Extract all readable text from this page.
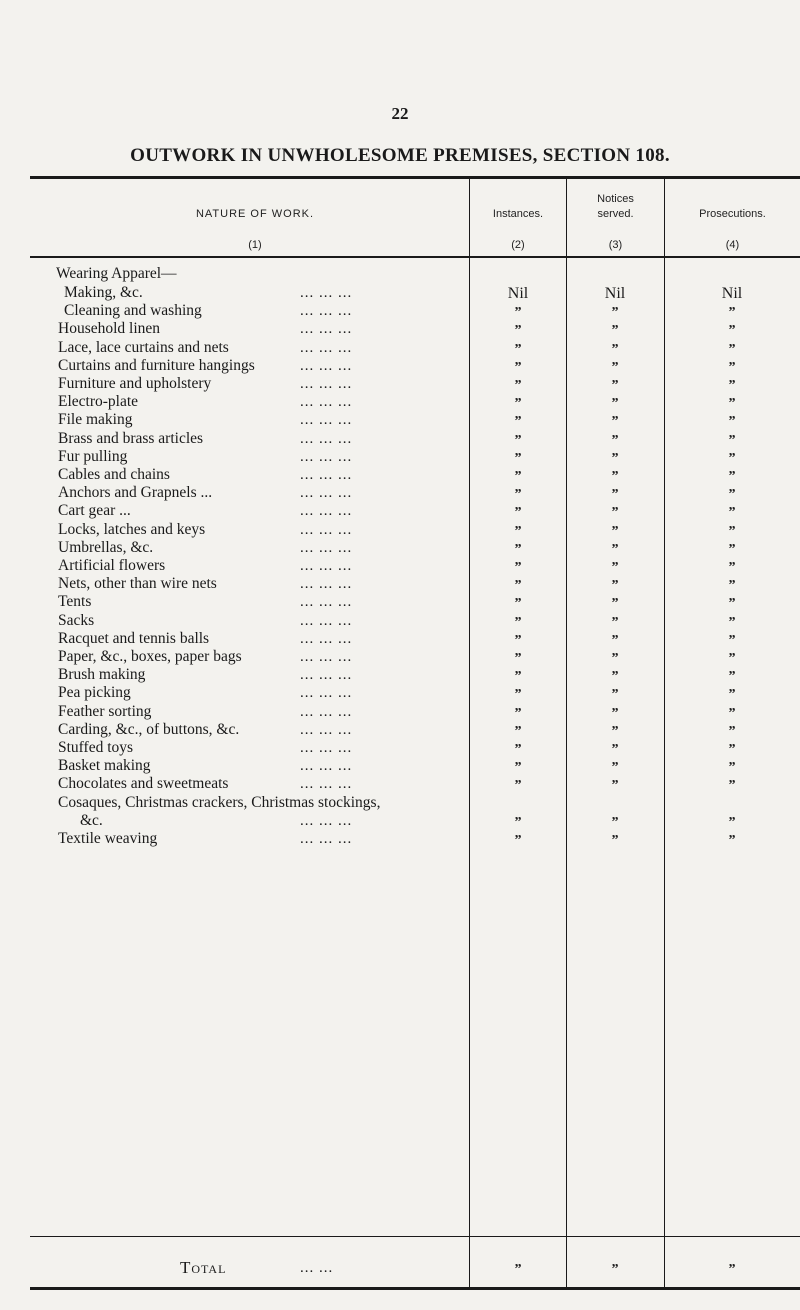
22
OUTWORK IN UNWHOLESOME PREMISES, SECTION 108.
NATURE OF WORK.
(1)
Instances.
(2)
Notices
served.
(3)
Prosecutions.
(4)
Wearing Apparel—
Making, &c.	... ... ...	Nil	Nil	Nil
Cleaning and washing	... ... ...	”	”	”
Household linen	... ... ...	”	”	”
Lace, lace curtains and nets	... ... ...	”	”	”
Curtains and furniture hangings	... ... ...	”	”	”
Furniture and upholstery	... ... ...	”	”	”
Electro-plate	... ... ...	”	”	”
File making	... ... ...	”	”	”
Brass and brass articles	... ... ...	”	”	”
Fur pulling	... ... ...	”	”	”
Cables and chains	... ... ...	”	”	”
Anchors and Grapnels ...	... ... ...	”	”	”
Cart gear ...	... ... ...	”	”	”
Locks, latches and keys	... ... ...	”	”	”
Umbrellas, &c.	... ... ...	”	”	”
Artificial flowers	... ... ...	”	”	”
Nets, other than wire nets	... ... ...	”	”	”
Tents	... ... ...	”	”	”
Sacks	... ... ...	”	”	”
Racquet and tennis balls	... ... ...	”	”	”
Paper, &c., boxes, paper bags	... ... ...	”	”	”
Brush making	... ... ...	”	”	”
Pea picking	... ... ...	”	”	”
Feather sorting	... ... ...	”	”	”
Carding, &c., of buttons, &c.	... ... ...	”	”	”
Stuffed toys	... ... ...	”	”	”
Basket making	... ... ...	”	”	”
Chocolates and sweetmeats	... ... ...	”	”	”
Cosaques, Christmas crackers, Christmas stockings,
&c.	... ... ...	”	”	”
Textile weaving	... ... ...	”	”	”
Total	... ...	”	”	”
